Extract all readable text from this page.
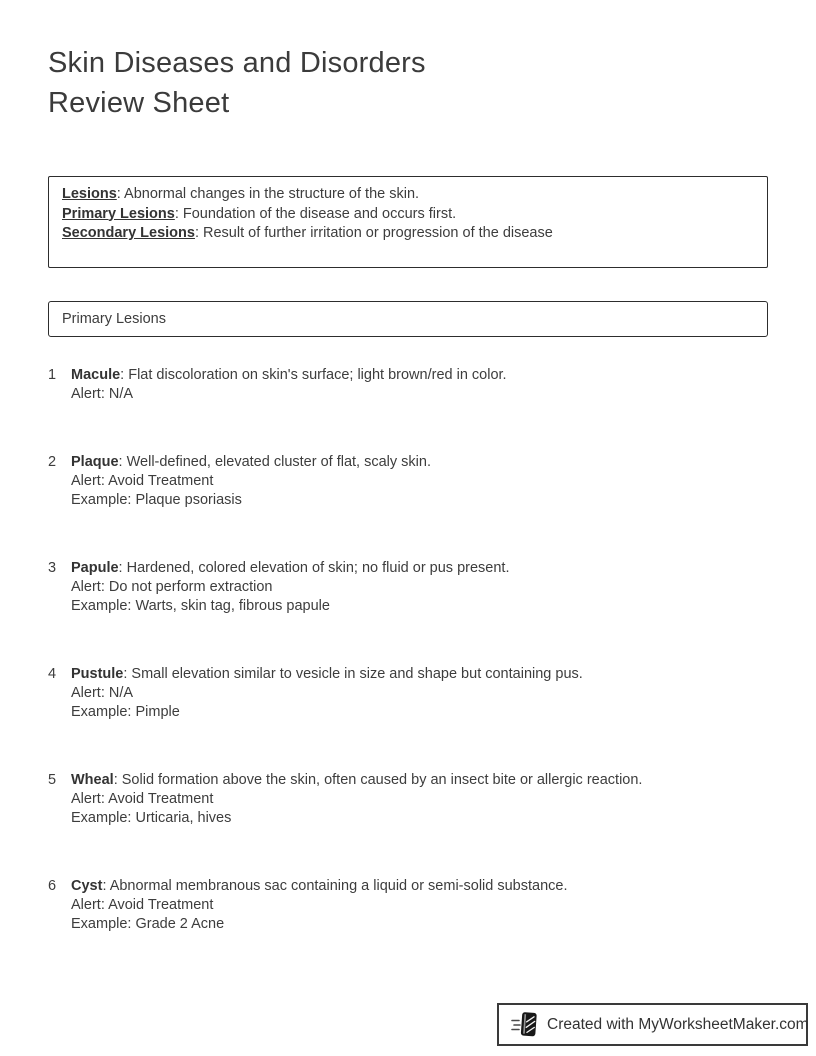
Skin Diseases and Disorders
Review Sheet
Lesions: Abnormal changes in the structure of the skin.
Primary Lesions: Foundation of the disease and occurs first.
Secondary Lesions: Result of further irritation or progression of the disease
Primary Lesions
1	Macule: Flat discoloration on skin's surface; light brown/red in color.
Alert: N/A
2	Plaque: Well-defined, elevated cluster of flat, scaly skin.
Alert: Avoid Treatment
Example: Plaque psoriasis
3	Papule: Hardened, colored elevation of skin; no fluid or pus present.
Alert: Do not perform extraction
Example: Warts, skin tag, fibrous papule
4	Pustule: Small elevation similar to vesicle in size and shape but containing pus.
Alert: N/A
Example: Pimple
5	Wheal: Solid formation above the skin, often caused by an insect bite or allergic reaction.
Alert: Avoid Treatment
Example: Urticaria, hives
6	Cyst: Abnormal membranous sac containing a liquid or semi-solid substance.
Alert: Avoid Treatment
Example: Grade 2 Acne
Created with MyWorksheetMaker.com
